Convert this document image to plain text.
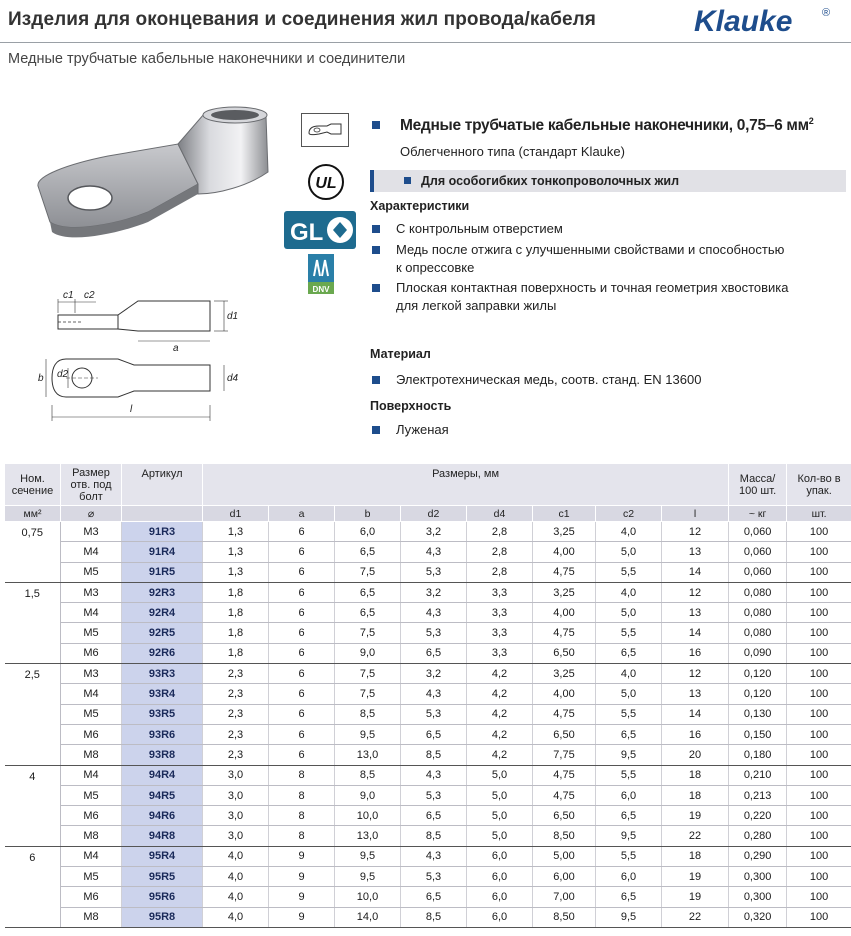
Изделия для оконцевания и соединения жил провода/кабеля	Klauke	®
Медные трубчатые кабельные наконечники и соединители
c1 c2
d1
a
b d2	d4
l
UL
GL
DNV
Медные трубчатые кабельные наконечники, 0,75–6 $мм^2$
Облегченного типа (стандарт Klauke)
Для особогибких тонкопроволочных жил
Характеристики
С контрольным отверстием
Медь после отжига с улучшенными свойствами и способностью
к опрессовке
Плоская контактная поверхность и точная геометрия хвостовика
для легкой заправки жилы
Материал
Электротехническая медь, соотв. станд. EN 13600
Поверхность
Луженая
Ном.
сечение	Размер
отв. под
болт	Артикул	Размеры, мм								Масса/
100 шт.	Кол-во в
упак.
мм²	⌀		d1	a	b	d2	d4	c1	c2	l	~ кг	шт.
0,75	M3	91R3	1,3	6	6,0	3,2	2,8	3,25	4,0	12	0,060	100
	M4	91R4	1,3	6	6,5	4,3	2,8	4,00	5,0	13	0,060	100
	M5	91R5	1,3	6	7,5	5,3	2,8	4,75	5,5	14	0,060	100
1,5	M3	92R3	1,8	6	6,5	3,2	3,3	3,25	4,0	12	0,080	100
	M4	92R4	1,8	6	6,5	4,3	3,3	4,00	5,0	13	0,080	100
	M5	92R5	1,8	6	7,5	5,3	3,3	4,75	5,5	14	0,080	100
	M6	92R6	1,8	6	9,0	6,5	3,3	6,50	6,5	16	0,090	100
2,5	M3	93R3	2,3	6	7,5	3,2	4,2	3,25	4,0	12	0,120	100
	M4	93R4	2,3	6	7,5	4,3	4,2	4,00	5,0	13	0,120	100
	M5	93R5	2,3	6	8,5	5,3	4,2	4,75	5,5	14	0,130	100
	M6	93R6	2,3	6	9,5	6,5	4,2	6,50	6,5	16	0,150	100
	M8	93R8	2,3	6	13,0	8,5	4,2	7,75	9,5	20	0,180	100
4	M4	94R4	3,0	8	8,5	4,3	5,0	4,75	5,5	18	0,210	100
	M5	94R5	3,0	8	9,0	5,3	5,0	4,75	6,0	18	0,213	100
	M6	94R6	3,0	8	10,0	6,5	5,0	6,50	6,5	19	0,220	100
	M8	94R8	3,0	8	13,0	8,5	5,0	8,50	9,5	22	0,280	100
6	M4	95R4	4,0	9	9,5	4,3	6,0	5,00	5,5	18	0,290	100
	M5	95R5	4,0	9	9,5	5,3	6,0	6,00	6,0	19	0,300	100
	M6	95R6	4,0	9	10,0	6,5	6,0	7,00	6,5	19	0,300	100
	M8	95R8	4,0	9	14,0	8,5	6,0	8,50	9,5	22	0,320	100
